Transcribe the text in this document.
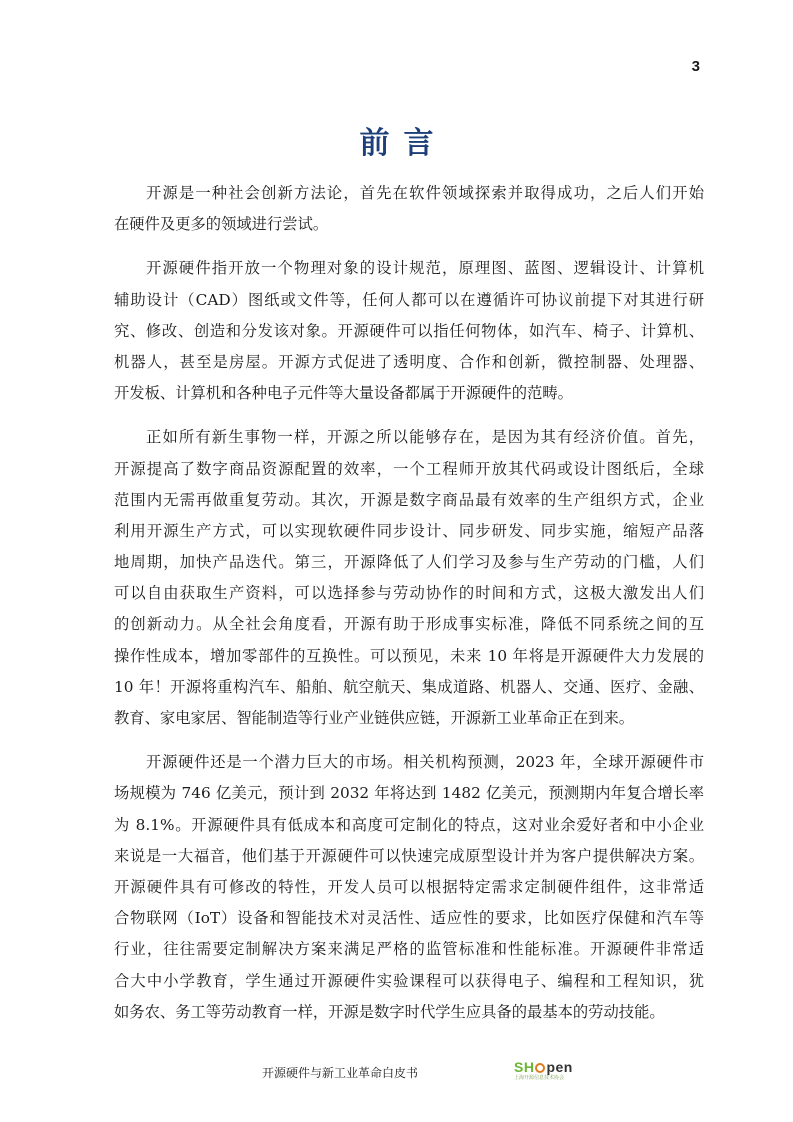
3
前言
开源是一种社会创新方法论，首先在软件领域探索并取得成功，之后人们开始
在硬件及更多的领域进行尝试。
开源硬件指开放一个物理对象的设计规范，原理图、蓝图、逻辑设计、计算机
辅助设计（CAD）图纸或文件等，任何人都可以在遵循许可协议前提下对其进行研
究、修改、创造和分发该对象。开源硬件可以指任何物体，如汽车、椅子、计算机、
机器人，甚至是房屋。开源方式促进了透明度、合作和创新，微控制器、处理器、
开发板、计算机和各种电子元件等大量设备都属于开源硬件的范畴。
正如所有新生事物一样，开源之所以能够存在，是因为其有经济价值。首先，
开源提高了数字商品资源配置的效率，一个工程师开放其代码或设计图纸后，全球
范围内无需再做重复劳动。其次，开源是数字商品最有效率的生产组织方式，企业
利用开源生产方式，可以实现软硬件同步设计、同步研发、同步实施，缩短产品落
地周期，加快产品迭代。第三，开源降低了人们学习及参与生产劳动的门槛，人们
可以自由获取生产资料，可以选择参与劳动协作的时间和方式，这极大激发出人们
的创新动力。从全社会角度看，开源有助于形成事实标准，降低不同系统之间的互
操作性成本，增加零部件的互换性。可以预见，未来 10 年将是开源硬件大力发展的
10 年！开源将重构汽车、船舶、航空航天、集成道路、机器人、交通、医疗、金融、
教育、家电家居、智能制造等行业产业链供应链，开源新工业革命正在到来。
开源硬件还是一个潜力巨大的市场。相关机构预测，2023 年，全球开源硬件市
场规模为 746 亿美元，预计到 2032 年将达到 1482 亿美元，预测期内年复合增长率
为 8.1%。开源硬件具有低成本和高度可定制化的特点，这对业余爱好者和中小企业
来说是一大福音，他们基于开源硬件可以快速完成原型设计并为客户提供解决方案。
开源硬件具有可修改的特性，开发人员可以根据特定需求定制硬件组件，这非常适
合物联网（IoT）设备和智能技术对灵活性、适应性的要求，比如医疗保健和汽车等
行业，往往需要定制解决方案来满足严格的监管标准和性能标准。开源硬件非常适
合大中小学教育，学生通过开源硬件实验课程可以获得电子、编程和工程知识，犹
如务农、务工等劳动教育一样，开源是数字时代学生应具备的最基本的劳动技能。
开源硬件与新工业革命白皮书	SH pen
上海开源信息技术协会
